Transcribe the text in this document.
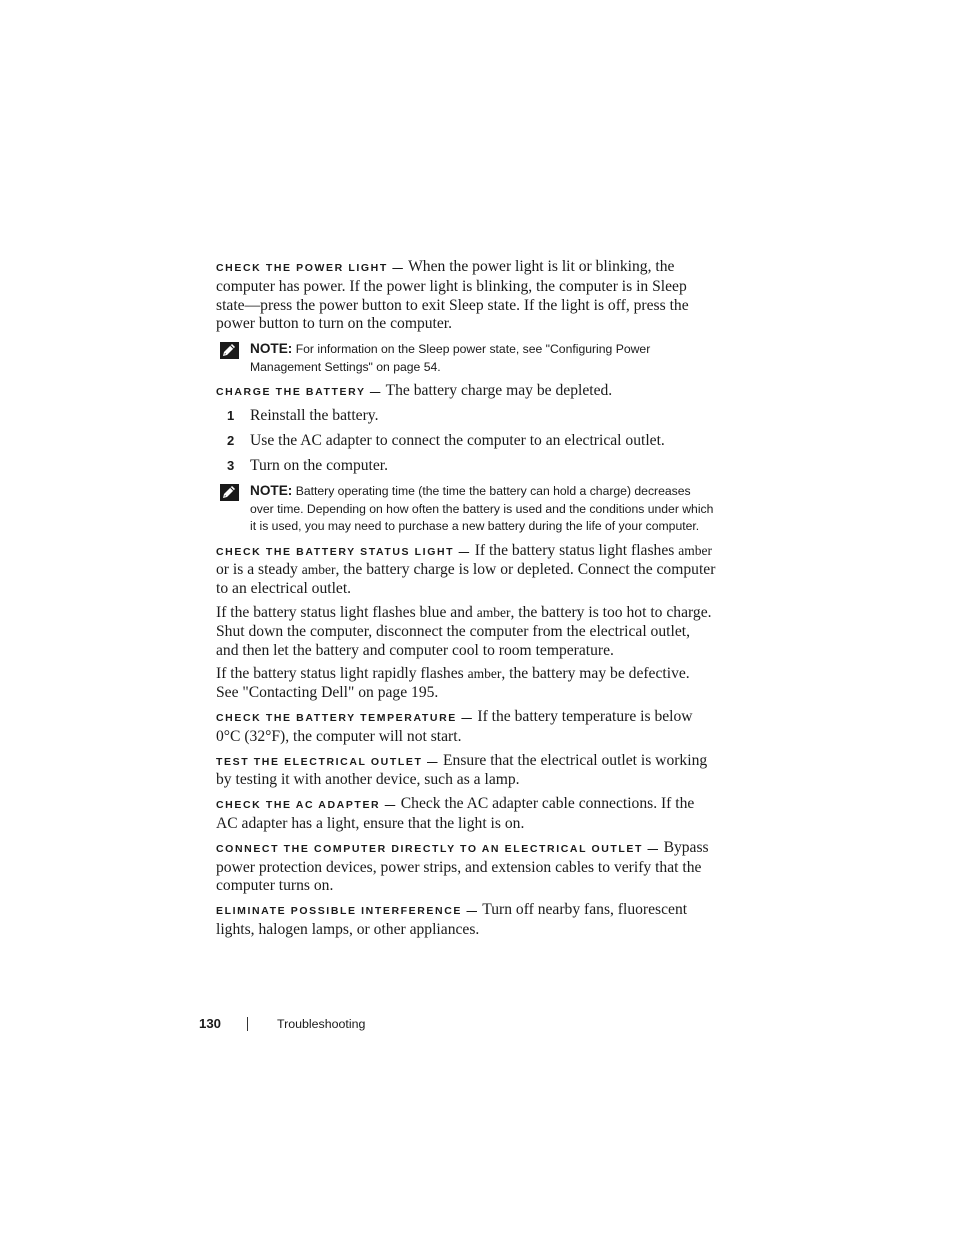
CHECK THE POWER LIGHT — When the power light is lit or blinking, the computer has power. If the power light is blinking, the computer is in Sleep state—press the power button to exit Sleep state. If the light is off, press the power button to turn on the computer.

NOTE: For information on the Sleep power state, see "Configuring Power Management Settings" on page 54.

CHARGE THE BATTERY — The battery charge may be depleted.

1 Reinstall the battery.
2 Use the AC adapter to connect the computer to an electrical outlet.
3 Turn on the computer.
NOTE: Battery operating time (the time the battery can hold a charge) decreases over time. Depending on how often the battery is used and the conditions under which it is used, you may need to purchase a new battery during the life of your computer.

CHECK THE BATTERY STATUS LIGHT — If the battery status light flashes amber or is a steady amber, the battery charge is low or depleted. Connect the computer to an electrical outlet.

If the battery status light flashes blue and amber, the battery is too hot to charge. Shut down the computer, disconnect the computer from the electrical outlet, and then let the battery and computer cool to room temperature.

If the battery status light rapidly flashes amber, the battery may be defective. See "Contacting Dell" on page 195.

CHECK THE BATTERY TEMPERATURE — If the battery temperature is below 0°C (32°F), the computer will not start.

TEST THE ELECTRICAL OUTLET — Ensure that the electrical outlet is working by testing it with another device, such as a lamp.

CHECK THE AC ADAPTER — Check the AC adapter cable connections. If the AC adapter has a light, ensure that the light is on.

CONNECT THE COMPUTER DIRECTLY TO AN ELECTRICAL OUTLET — Bypass power protection devices, power strips, and extension cables to verify that the computer turns on.

ELIMINATE POSSIBLE INTERFERENCE — Turn off nearby fans, fluorescent lights, halogen lamps, or other appliances.

130	Troubleshooting
